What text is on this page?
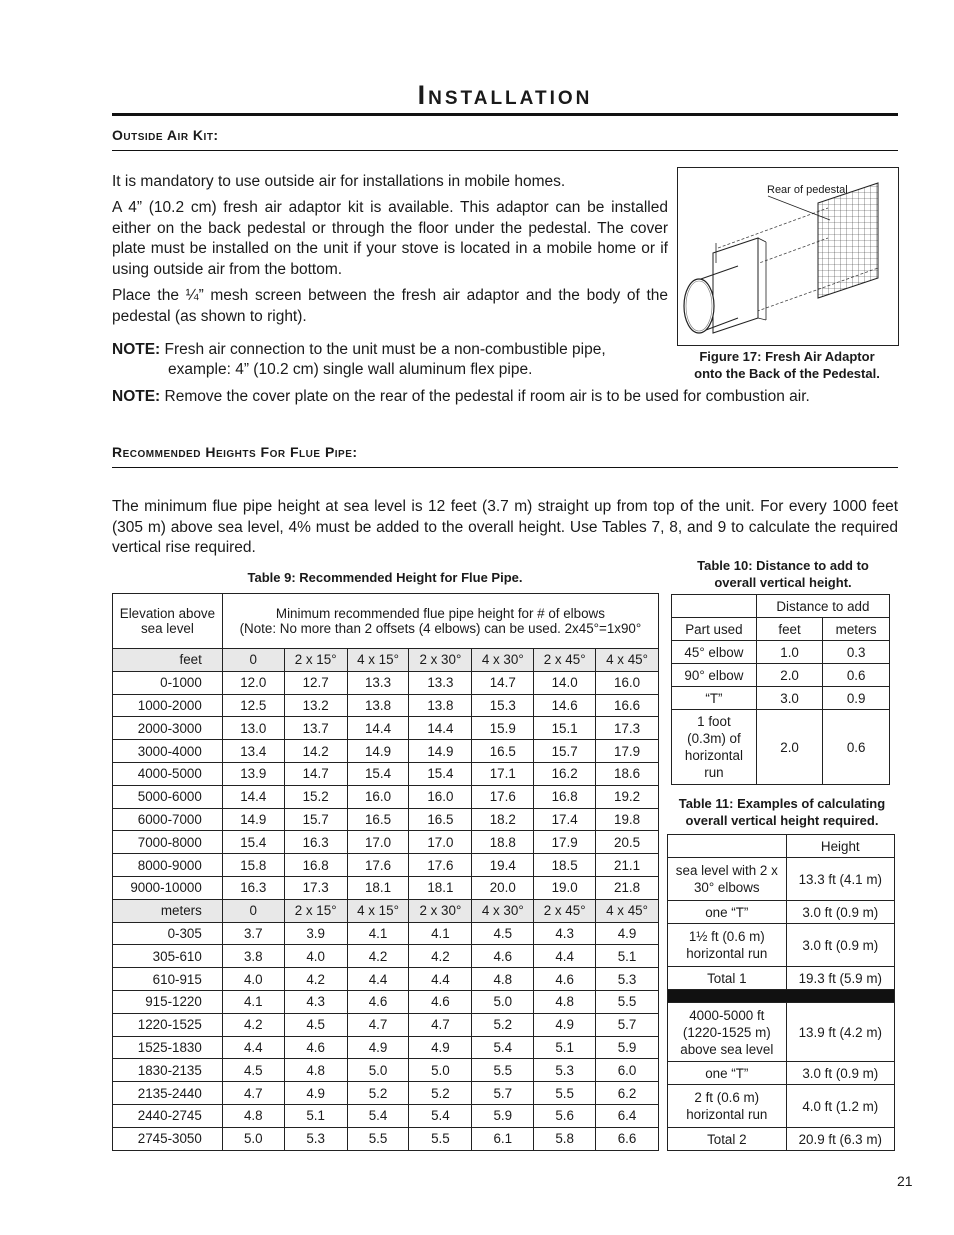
Installation
Outside Air Kit:
It is mandatory to use outside air for installations in mobile homes.
A 4” (10.2 cm) fresh air adaptor kit is available. This adaptor can be installed either on the back pedestal or through the floor under the pedestal. The cover plate must be installed on the unit if your stove is located in a mobile home or if using outside air from the bottom.
Place the ¼” mesh screen between the fresh air adaptor and the body of the pedestal (as shown to right).
NOTE: Fresh air connection to the unit must be a non-combustible pipe,
example: 4” (10.2 cm) single wall aluminum flex pipe.
NOTE: Remove the cover plate on the rear of the pedestal if room air is to be used for combustion air.
Rear of pedestal
Figure 17: Fresh Air Adaptor
onto the Back of the Pedestal.
Recommended Heights For Flue Pipe:
The minimum flue pipe height at sea level is 12 feet (3.7 m) straight up from top of the unit. For every 1000 feet (305 m) above sea level, 4% must be added to the overall height. Use Tables 7, 8, and 9 to calculate the required vertical rise required.
Table 9: Recommended Height for Flue Pipe.
Elevation above sea level	Minimum recommended flue pipe height for # of elbows
(Note: No more than 2 offsets (4 elbows) can be used. 2x45°=1x90°						

feet	0	2 x 15°	4 x 15°	2 x 30°	4 x 30°	2 x 45°	4 x 45°
0-1000	12.0	12.7	13.3	13.3	14.7	14.0	16.0
1000-2000	12.5	13.2	13.8	13.8	15.3	14.6	16.6
2000-3000	13.0	13.7	14.4	14.4	15.9	15.1	17.3
3000-4000	13.4	14.2	14.9	14.9	16.5	15.7	17.9
4000-5000	13.9	14.7	15.4	15.4	17.1	16.2	18.6
5000-6000	14.4	15.2	16.0	16.0	17.6	16.8	19.2
6000-7000	14.9	15.7	16.5	16.5	18.2	17.4	19.8
7000-8000	15.4	16.3	17.0	17.0	18.8	17.9	20.5
8000-9000	15.8	16.8	17.6	17.6	19.4	18.5	21.1
9000-10000	16.3	17.3	18.1	18.1	20.0	19.0	21.8
meters	0	2 x 15°	4 x 15°	2 x 30°	4 x 30°	2 x 45°	4 x 45°
0-305	3.7	3.9	4.1	4.1	4.5	4.3	4.9
305-610	3.8	4.0	4.2	4.2	4.6	4.4	5.1
610-915	4.0	4.2	4.4	4.4	4.8	4.6	5.3
915-1220	4.1	4.3	4.6	4.6	5.0	4.8	5.5
1220-1525	4.2	4.5	4.7	4.7	5.2	4.9	5.7
1525-1830	4.4	4.6	4.9	4.9	5.4	5.1	5.9
1830-2135	4.5	4.8	5.0	5.0	5.5	5.3	6.0
2135-2440	4.7	4.9	5.2	5.2	5.7	5.5	6.2
2440-2745	4.8	5.1	5.4	5.4	5.9	5.6	6.4
2745-3050	5.0	5.3	5.5	5.5	6.1	5.8	6.6
Table 10: Distance to add to
overall vertical height.
	Distance to add	
Part used	feet	meters
45° elbow	1.0	0.3
90° elbow	2.0	0.6
“T”	3.0	0.9
1 foot (0.3m) of horizontal run	2.0	0.6
Table 11: Examples of calculating
overall vertical height required.
	Height
sea level with 2 x 30° elbows	13.3 ft (4.1 m)
one “T”	3.0 ft (0.9 m)
1½ ft (0.6 m) horizontal run	3.0 ft (0.9 m)
Total 1	19.3 ft (5.9 m)

4000-5000 ft (1220-1525 m) above sea level	13.9 ft (4.2 m)
one “T”	3.0 ft (0.9 m)
2 ft (0.6 m) horizontal run	4.0 ft (1.2 m)
Total 2	20.9 ft (6.3 m)
21
